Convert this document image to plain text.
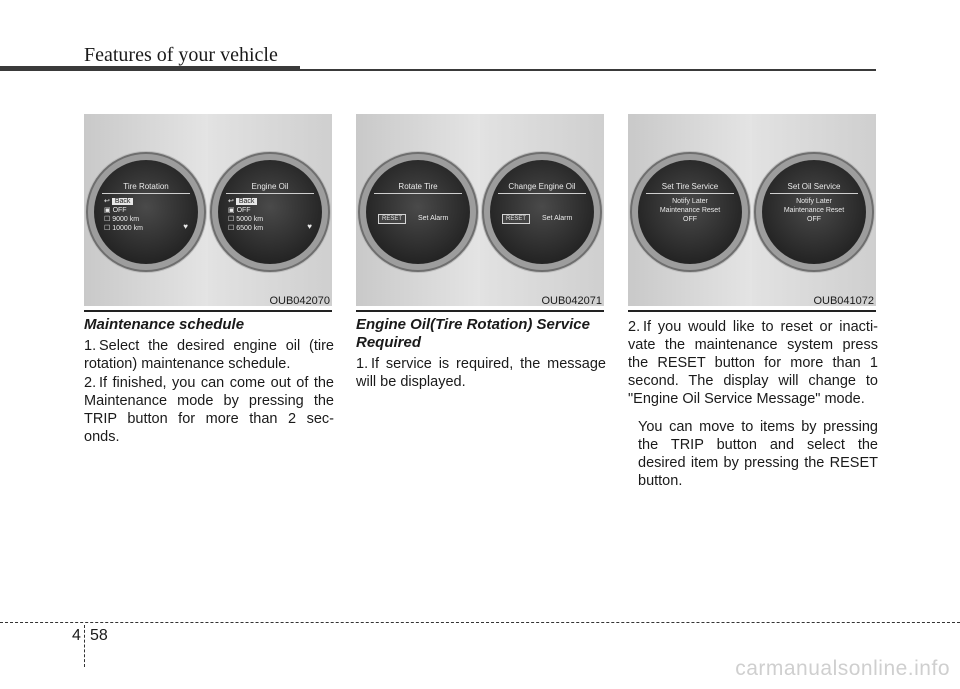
Features of your vehicle
Tire Rotation
↩ Back
▣ OFF
☐ 9000 km
☐ 10000 km	♥
Engine Oil
↩ Back
▣ OFF
☐ 5000 km
☐ 6500 km	♥
OUB042070
Rotate Tire
RESET	Set Alarm
Change Engine Oil
RESET	Set Alarm
OUB042071
Set Tire Service
Notify Later
Maintenance Reset
OFF
Set Oil Service
Notify Later
Maintenance Reset
OFF
OUB041072
Maintenance schedule
1. Select the desired engine oil (tire rotation) maintenance schedule.
2. If finished, you can come out of the Maintenance mode by pressing the TRIP button for more than 2 sec- onds.
Engine Oil(Tire Rotation) Service Required
1. If service is required, the message will be displayed.
2. If you would like to reset or inacti- vate the maintenance system press the RESET button for more than 1 second. The display will change to "Engine Oil Service Message" mode.
You can move to items by pressing the TRIP button and select the desired item by pressing the RESET button.
4 58
carmanualsonline.info
